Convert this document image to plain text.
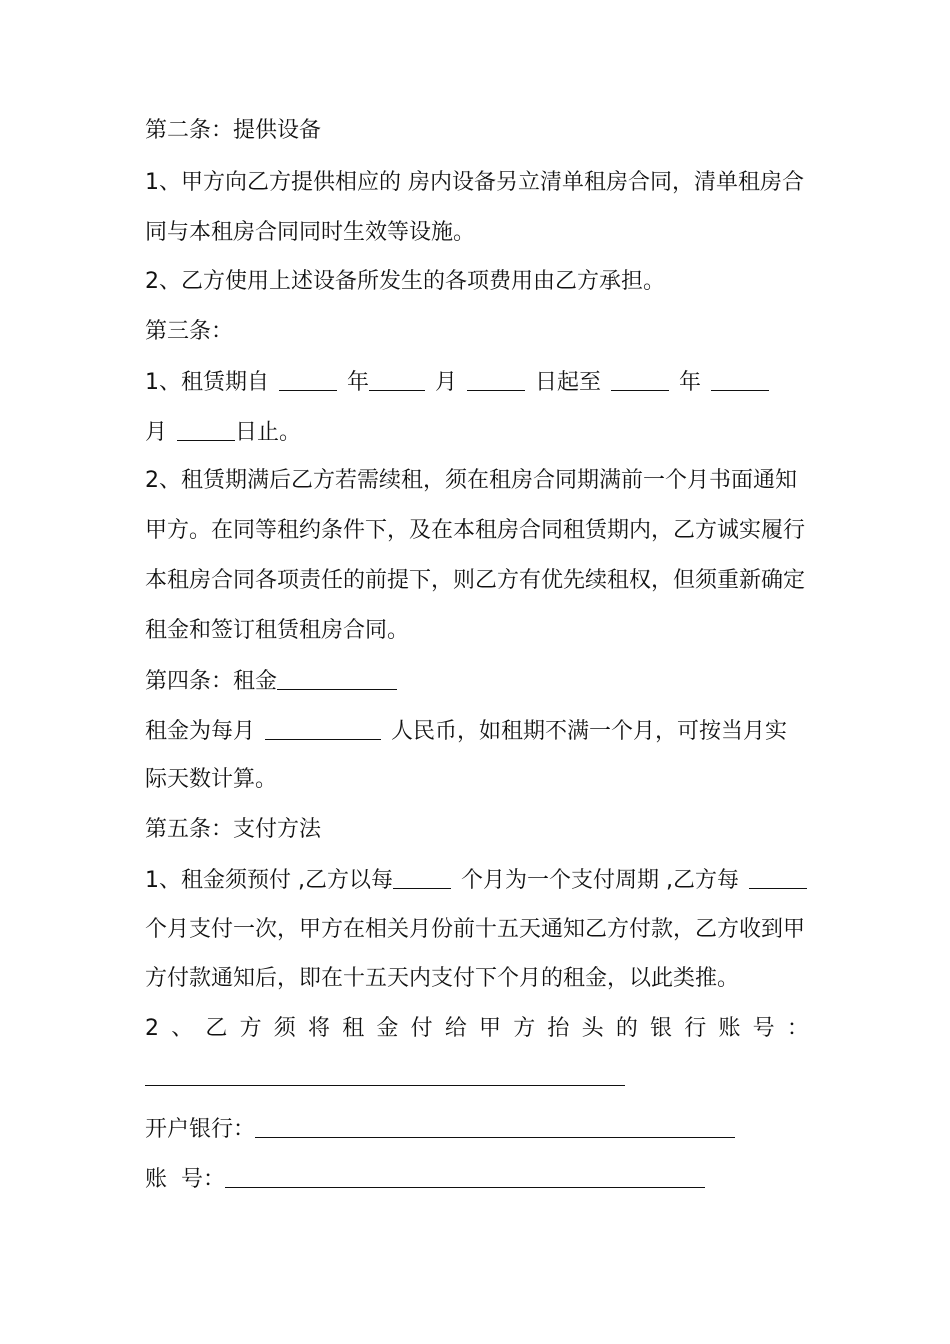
第二条：提供设备
1、甲方向乙方提供相应的 房内设备另立清单租房合同，清单租房合
同与本租房合同同时生效等设施。
2、乙方使用上述设备所发生的各项费用由乙方承担。
第三条：
1、租赁期自	年	月	日起至	年
月	日止。
2、租赁期满后乙方若需续租，须在租房合同期满前一个月书面通知
甲方。在同等租约条件下，及在本租房合同租赁期内，乙方诚实履行
本租房合同各项责任的前提下，则乙方有优先续租权，但须重新确定
租金和签订租赁租房合同。
第四条：租金
租金为每月	人民币，如租期不满一个月，可按当月实
际天数计算。
第五条：支付方法
1、租金须预付 ,乙方以每	个月为一个支付周期 ,乙方每
个月支付一次，甲方在相关月份前十五天通知乙方付款，乙方收到甲
方付款通知后，即在十五天内支付下个月的租金，以此类推。
2 、 乙 方 须 将 租 金 付 给 甲 方 抬 头 的 银 行 账 号 ：
开户银行：
账  号：
